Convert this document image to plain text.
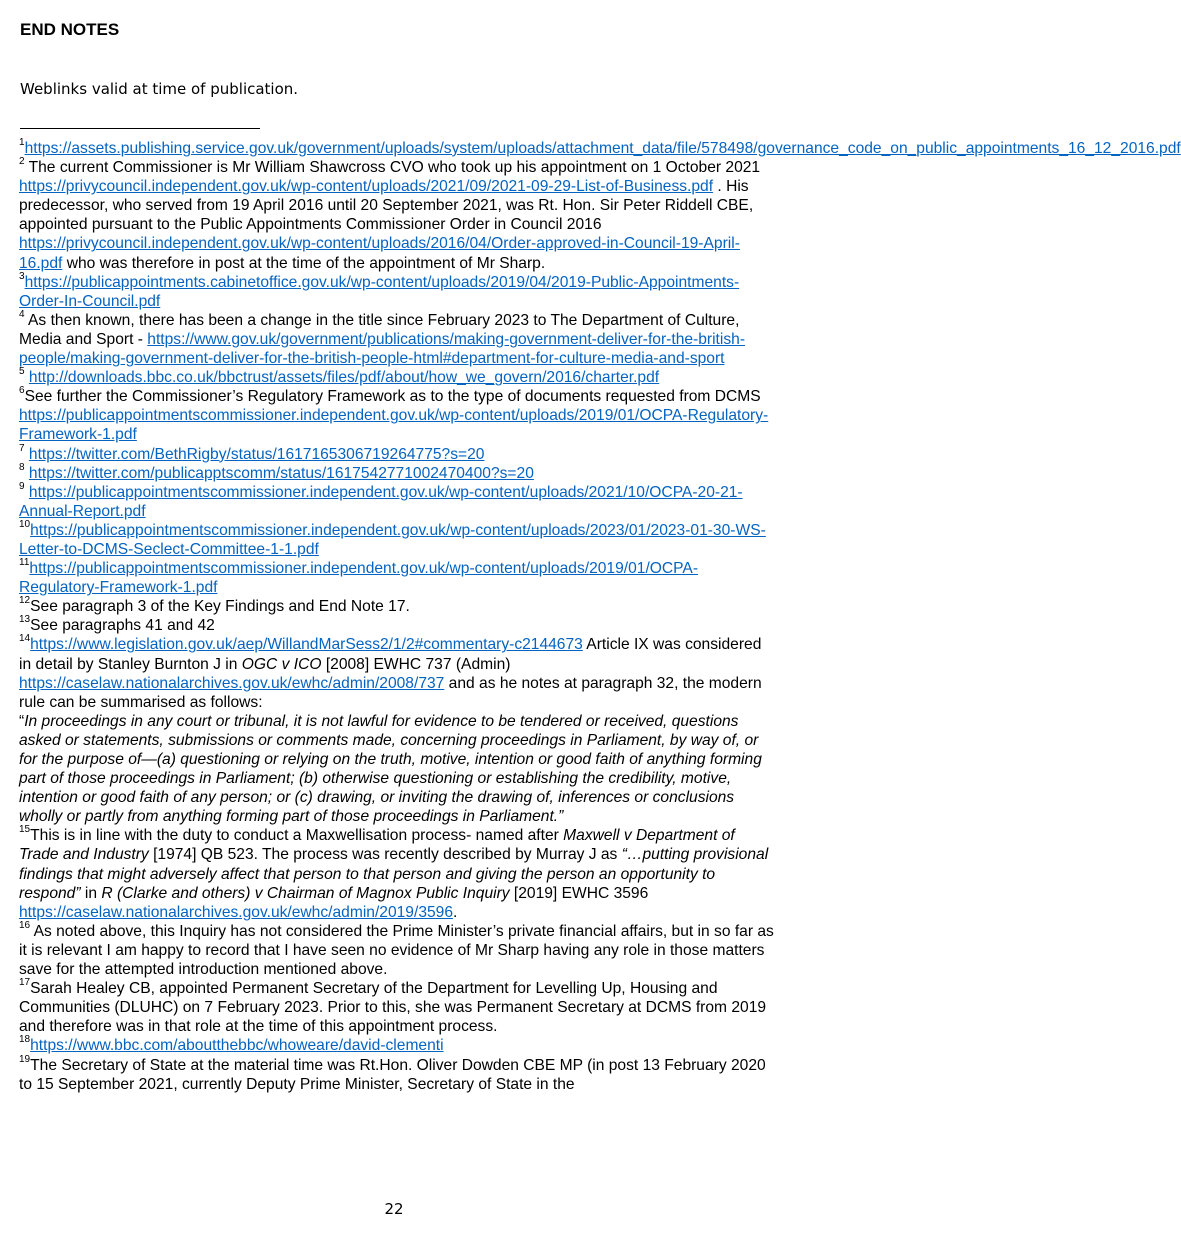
END NOTES
Weblinks valid at time of publication.
$^1$https://assets.publishing.service.gov.uk/government/uploads/system/uploads/attachment_data/file/578498/governance_code_on_public_appointments_16_12_2016.pdf
$^2$ The current Commissioner is Mr William Shawcross CVO who took up his appointment on 1 October 2021 https://privycouncil.independent.gov.uk/wp-content/uploads/2021/09/2021-09-29-List-of-Business.pdf . His predecessor, who served from 19 April 2016 until 20 September 2021, was Rt. Hon. Sir Peter Riddell CBE, appointed pursuant to the Public Appointments Commissioner Order in Council 2016 https://privycouncil.independent.gov.uk/wp-content/uploads/2016/04/Order-approved-in-Council-19-April-16.pdf who was therefore in post at the time of the appointment of Mr Sharp.
$^3$https://publicappointments.cabinetoffice.gov.uk/wp-content/uploads/2019/04/2019-Public-Appointments-Order-In-Council.pdf
$^4$ As then known, there has been a change in the title since February 2023 to The Department of Culture, Media and Sport - https://www.gov.uk/government/publications/making-government-deliver-for-the-british-people/making-government-deliver-for-the-british-people-html#department-for-culture-media-and-sport
$^5$ http://downloads.bbc.co.uk/bbctrust/assets/files/pdf/about/how_we_govern/2016/charter.pdf
$^6$See further the Commissioner’s Regulatory Framework as to the type of documents requested from DCMS https://publicappointmentscommissioner.independent.gov.uk/wp-content/uploads/2019/01/OCPA-Regulatory-Framework-1.pdf
$^7$ https://twitter.com/BethRigby/status/1617165306719264775?s=20
$^8$ https://twitter.com/publicapptscomm/status/1617542771002470400?s=20
$^9$ https://publicappointmentscommissioner.independent.gov.uk/wp-content/uploads/2021/10/OCPA-20-21-Annual-Report.pdf
$^{10}$https://publicappointmentscommissioner.independent.gov.uk/wp-content/uploads/2023/01/2023-01-30-WS-Letter-to-DCMS-Seclect-Committee-1-1.pdf
$^{11}$https://publicappointmentscommissioner.independent.gov.uk/wp-content/uploads/2019/01/OCPA-Regulatory-Framework-1.pdf
$^{12}$See paragraph 3 of the Key Findings and End Note 17.
$^{13}$See paragraphs 41 and 42
$^{14}$https://www.legislation.gov.uk/aep/WillandMarSess2/1/2#commentary-c2144673 Article IX was considered in detail by Stanley Burnton J in OGC v ICO [2008] EWHC 737 (Admin) https://caselaw.nationalarchives.gov.uk/ewhc/admin/2008/737 and as he notes at paragraph 32, the modern rule can be summarised as follows:
“In proceedings in any court or tribunal, it is not lawful for evidence to be tendered or received, questions asked or statements, submissions or comments made, concerning proceedings in Parliament, by way of, or for the purpose of—(a) questioning or relying on the truth, motive, intention or good faith of anything forming part of those proceedings in Parliament; (b) otherwise questioning or establishing the credibility, motive, intention or good faith of any person; or (c) drawing, or inviting the drawing of, inferences or conclusions wholly or partly from anything forming part of those proceedings in Parliament.”
$^{15}$This is in line with the duty to conduct a Maxwellisation process- named after Maxwell v Department of Trade and Industry [1974] QB 523. The process was recently described by Murray J as “…putting provisional findings that might adversely affect that person to that person and giving the person an opportunity to respond” in R (Clarke and others) v Chairman of Magnox Public Inquiry [2019] EWHC 3596 https://caselaw.nationalarchives.gov.uk/ewhc/admin/2019/3596.
$^{16}$ As noted above, this Inquiry has not considered the Prime Minister’s private financial affairs, but in so far as it is relevant I am happy to record that I have seen no evidence of Mr Sharp having any role in those matters save for the attempted introduction mentioned above.
$^{17}$Sarah Healey CB, appointed Permanent Secretary of the Department for Levelling Up, Housing and Communities (DLUHC) on 7 February 2023. Prior to this, she was Permanent Secretary at DCMS from 2019 and therefore was in that role at the time of this appointment process.
$^{18}$https://www.bbc.com/aboutthebbc/whoweare/david-clementi
$^{19}$The Secretary of State at the material time was Rt.Hon. Oliver Dowden CBE MP (in post 13 February 2020 to 15 September 2021, currently Deputy Prime Minister, Secretary of State in the
22
